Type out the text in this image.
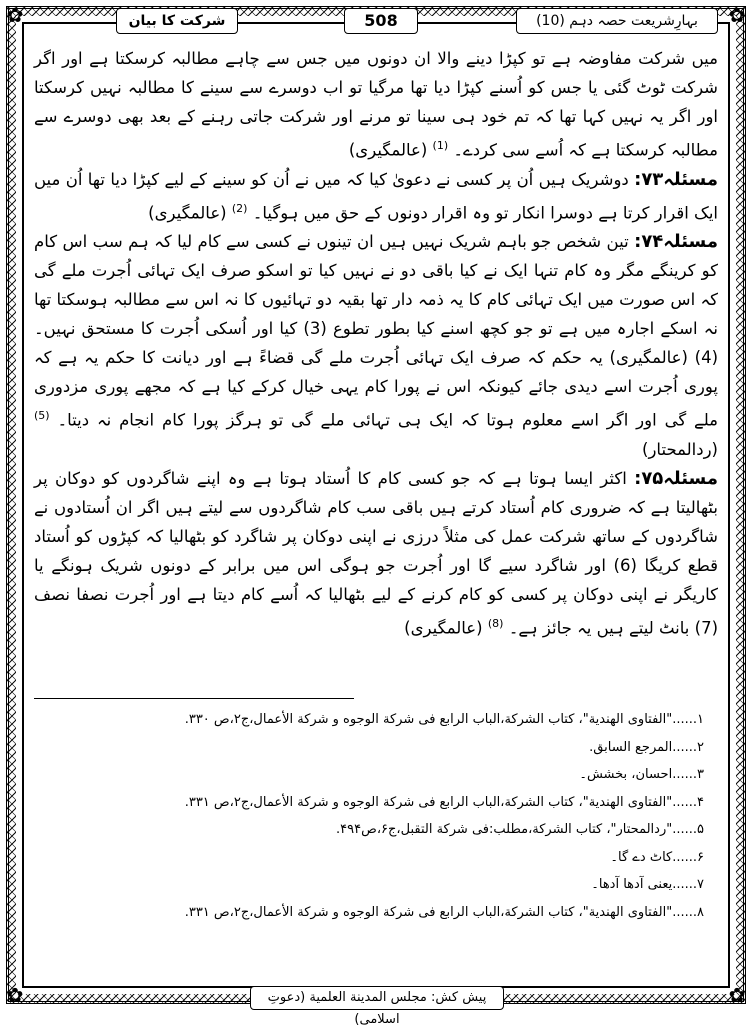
✿	✿
✿	✿
بہارِشریعت حصہ دہم (10)
508
شرکت کا بیان

میں شرکت مفاوضہ ہے تو کپڑا دینے والا ان دونوں میں جس سے چاہے مطالبہ کرسکتا ہے اور اگر شرکت ٹوٹ گئی یا جس کو اُسنے کپڑا دیا تھا مرگیا تو اب دوسرے سے سینے کا مطالبہ نہیں کرسکتا اور اگر یہ نہیں کہا تھا کہ تم خود ہی سینا تو مرنے اور شرکت جاتی رہنے کے بعد بھی دوسرے سے مطالبہ کرسکتا ہے کہ اُسے سی کردے۔ $^{(1)}$ (عالمگیری)

مسئلہ۷۳: دوشریک ہیں اُن پر کسی نے دعویٰ کیا کہ میں نے اُن کو سینے کے لیے کپڑا دیا تھا اُن میں ایک اقرار کرتا ہے دوسرا انکار تو وہ اقرار دونوں کے حق میں ہوگیا۔ $^{(2)}$ (عالمگیری)

مسئلہ۷۴: تین شخص جو باہم شریک نہیں ہیں ان تینوں نے کسی سے کام لیا کہ ہم سب اس کام کو کرینگے مگر وہ کام تنہا ایک نے کیا باقی دو نے نہیں کیا تو اسکو صرف ایک تہائی اُجرت ملے گی کہ اس صورت میں ایک تہائی کام کا یہ ذمہ دار تھا بقیہ دو تہائیوں کا نہ اس سے مطالبہ ہوسکتا تھا نہ اسکے اجارہ میں ہے تو جو کچھ اسنے کیا بطور تطوع (3) کیا اور اُسکی اُجرت کا مستحق نہیں۔ (4) (عالمگیری) یہ حکم کہ صرف ایک تہائی اُجرت ملے گی قضاءً ہے اور دیانت کا حکم یہ ہے کہ پوری اُجرت اسے دیدی جائے کیونکہ اس نے پورا کام یہی خیال کرکے کیا ہے کہ مجھے پوری مزدوری ملے گی اور اگر اسے معلوم ہوتا کہ ایک ہی تہائی ملے گی تو ہرگز پورا کام انجام نہ دیتا۔ $^{(5)}$ (ردالمحتار)

مسئلہ۷۵: اکثر ایسا ہوتا ہے کہ جو کسی کام کا اُستاد ہوتا ہے وہ اپنے شاگردوں کو دوکان پر بٹھالیتا ہے کہ ضروری کام اُستاد کرتے ہیں باقی سب کام شاگردوں سے لیتے ہیں اگر ان اُستادوں نے شاگردوں کے ساتھ شرکت عمل کی مثلاً درزی نے اپنی دوکان پر شاگرد کو بٹھالیا کہ کپڑوں کو اُستاد قطع کریگا (6) اور شاگرد سیے گا اور اُجرت جو ہوگی اس میں برابر کے دونوں شریک ہونگے یا کاریگر نے اپنی دوکان پر کسی کو کام کرنے کے لیے بٹھالیا کہ اُسے کام دیتا ہے اور اُجرت نصفا نصف (7) بانٹ لیتے ہیں یہ جائز ہے۔ $^{(8)}$ (عالمگیری)

۱......"الفتاوی الهندیة"، کتاب الشرکة،الباب الرابع فی شرکة الوجوه و شرکة الأعمال،ج۲،ص ۳۳۰.
۲......المرجع السابق.
۳......احسان، بخشش۔
۴......"الفتاوی الهندیة"، کتاب الشرکة،الباب الرابع فی شرکة الوجوه و شرکة الأعمال،ج۲،ص ۳۳۱.
۵......"ردالمحتار"، کتاب الشرکة،مطلب:فی شرکة التقبل،ج۶،ص۴۹۴.
۶......کاٹ دے گا۔
۷......یعنی آدھا آدھا۔
۸......"الفتاوی الهندیة"، کتاب الشرکة،الباب الرابع فی شرکة الوجوه و شرکة الأعمال،ج۲،ص ۳۳۱.
پیش کش: مجلس المدینة العلمیة (دعوتِ اسلامی)
